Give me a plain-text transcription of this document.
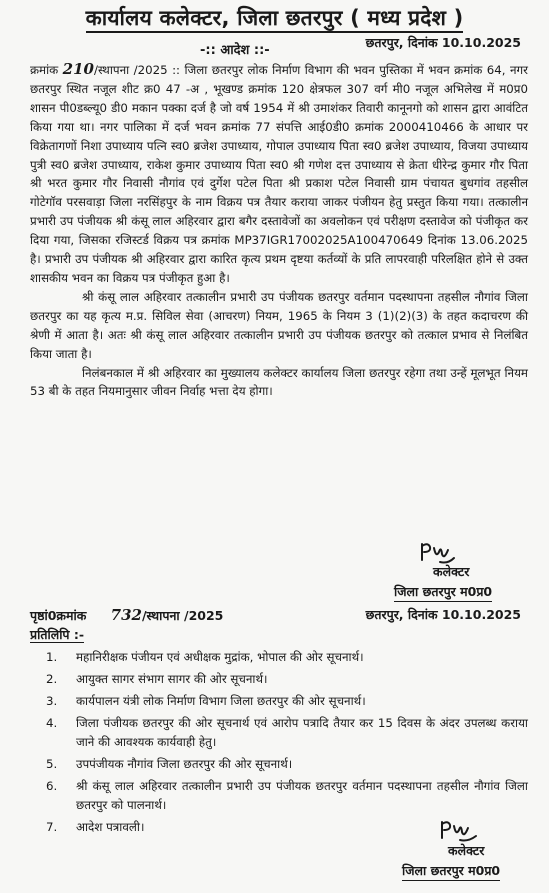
कार्यालय कलेक्टर, जिला छतरपुर ( मध्य प्रदेश )
-:: आदेश ::-
छतरपुर, दिनांक 10.10.2025

क्रमांक 210/स्थापना /2025 :: जिला छतरपुर लोक निर्माण विभाग की भवन पुस्तिका में भवन क्रमांक 64, नगर छतरपुर स्थित नजूल शीट क्र0 47 -अ , भूखण्ड क्रमांक 120 क्षेत्रफल 307 वर्ग मी0 नजूल अभिलेख में म0प्र0 शासन पी0डब्ल्यू0 डी0 मकान पक्का दर्ज है जो वर्ष 1954 में श्री उमाशंकर तिवारी कानूनगो को शासन द्वारा आवंटित किया गया था। नगर पालिका में दर्ज भवन क्रमांक 77 संपत्ति आई0डी0 क्रमांक 2000410466 के आधार पर विक्रेतागणों निशा उपाध्याय पत्नि स्व0 ब्रजेश उपाध्याय, गोपाल उपाध्याय पिता स्व0 ब्रजेश उपाध्याय, विजया उपाध्याय पुत्री स्व0 ब्रजेश उपाध्याय, राकेश कुमार उपाध्याय पिता स्व0 श्री गणेश दत्त उपाध्याय से क्रेता धीरेन्द्र कुमार गौर पिता श्री भरत कुमार गौर निवासी नौगांव एवं दुर्गेश पटेल पिता श्री प्रकाश पटेल निवासी ग्राम पंचायत बुधगांव तहसील गोटेगॉव परसवाड़ा जिला नरसिंहपुर के नाम विक्रय पत्र तैयार कराया जाकर पंजीयन हेतु प्रस्तुत किया गया। तत्कालीन प्रभारी उप पंजीयक श्री कंसू लाल अहिरवार द्वारा बगैर दस्तावेजों का अवलोकन एवं परीक्षण दस्तावेज को पंजीकृत कर दिया गया, जिसका रजिस्टर्ड विक्रय पत्र क्रमांक MP37IGR17002025A100470649 दिनांक 13.06.2025 है। प्रभारी उप पंजीयक श्री अहिरवार द्वारा कारित कृत्य प्रथम दृष्टया कर्तव्यों के प्रति लापरवाही परिलक्षित होने से उक्त शासकीय भवन का विक्रय पत्र पंजीकृत हुआ है।

श्री कंसू लाल अहिरवार तत्कालीन प्रभारी उप पंजीयक छतरपुर वर्तमान पदस्थापना तहसील नौगांव जिला छतरपुर का यह कृत्य म.प्र. सिविल सेवा (आचरण) नियम, 1965 के नियम 3 (1)(2)(3) के तहत कदाचरण की श्रेणी में आता है। अतः श्री कंसू लाल अहिरवार तत्कालीन प्रभारी उप पंजीयक छतरपुर को तत्काल प्रभाव से निलंबित किया जाता है।

निलंबनकाल में श्री अहिरवार का मुख्यालय कलेक्टर कार्यालय जिला छतरपुर रहेगा तथा उन्हें मूलभूत नियम 53 बी के तहत नियमानुसार जीवन निर्वाह भत्ता देय होगा।

कलेक्टर
जिला छतरपुर म0प्र0
पृष्ठां0क्रमांक 732/स्थापना /2025	छतरपुर, दिनांक 10.10.2025
प्रतिलिपि :-
1.	महानिरीक्षक पंजीयन एवं अधीक्षक मुद्रांक, भोपाल की ओर सूचनार्थ।
2.	आयुक्त सागर संभाग सागर की ओर सूचनार्थ।
3.	कार्यपालन यंत्री लोक निर्माण विभाग जिला छतरपुर की ओर सूचनार्थ।
4.	जिला पंजीयक छतरपुर की ओर सूचनार्थ एवं आरोप पत्रादि तैयार कर 15 दिवस के अंदर उपलब्ध कराया जाने की आवश्यक कार्यवाही हेतु।
5.	उपपंजीयक नौगांव जिला छतरपुर की ओर सूचनार्थ।
6.	श्री कंसू लाल अहिरवार तत्कालीन प्रभारी उप पंजीयक छतरपुर वर्तमान पदस्थापना तहसील नौगांव जिला छतरपुर को पालनार्थ।
7.	आदेश पत्रावली।
कलेक्टर
जिला छतरपुर म0प्र0
